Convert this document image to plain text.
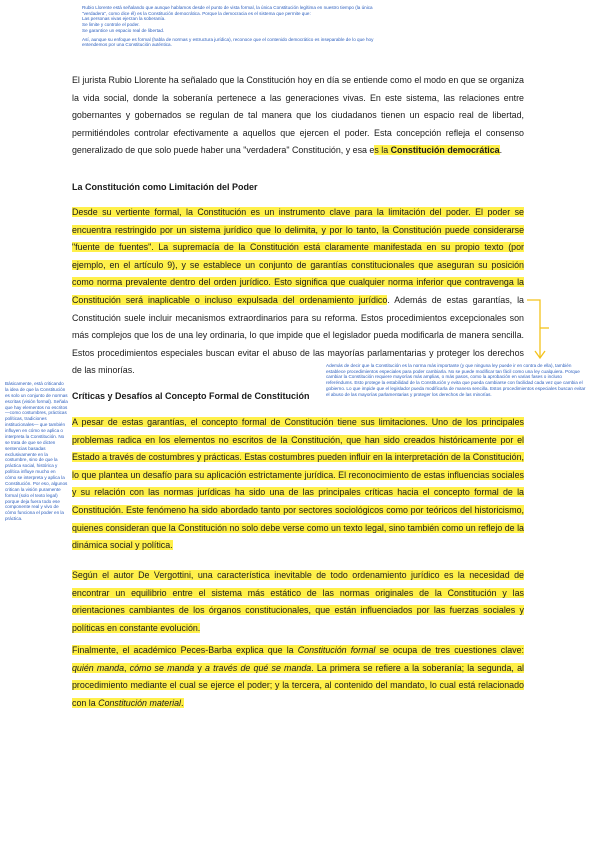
Rubio Llorente está señalando que aunque hablamos desde el punto de vista formal, la única Constitución legítima en nuestro tiempo (la única "verdadera", como dice él) es la Constitución democrática. Porque la democracia es el sistema que permite que:

Las personas vivas ejerzan la soberanía.

Se limite y controle el poder.

Se garantice un espacio real de libertad.

Así, aunque su enfoque es formal (habla de normas y estructura jurídica), reconoce que el contenido democrático es inseparable de lo que hoy entendemos por una Constitución auténtica.

El jurista Rubio Llorente ha señalado que la Constitución hoy en día se entiende como el modo en que se organiza la vida social, donde la soberanía pertenece a las generaciones vivas. En este sistema, las relaciones entre gobernantes y gobernados se regulan de tal manera que los ciudadanos tienen un espacio real de libertad, permitiéndoles controlar efectivamente a aquellos que ejercen el poder. Esta concepción refleja el consenso generalizado de que solo puede haber una "verdadera" Constitución, y esa es la Constitución democrática.

La Constitución como Limitación del Poder

Desde su vertiente formal, la Constitución es un instrumento clave para la limitación del poder. El poder se encuentra restringido por un sistema jurídico que lo delimita, y por lo tanto, la Constitución puede considerarse "fuente de fuentes". La supremacía de la Constitución está claramente manifestada en su propio texto (por ejemplo, en el artículo 9), y se establece un conjunto de garantías constitucionales que aseguran su posición como norma prevalente dentro del orden jurídico. Esto significa que cualquier norma inferior que contravenga la Constitución será inaplicable o incluso expulsada del ordenamiento jurídico. Además de estas garantías, la Constitución suele incluir mecanismos extraordinarios para su reforma. Estos procedimientos excepcionales son más complejos que los de una ley ordinaria, lo que impide que el legislador pueda modificarla de manera sencilla. Estos procedimientos especiales buscan evitar el abuso de las mayorías parlamentarias y proteger los derechos de las minorías.	Además de decir que la Constitución es la norma más importante (y que ninguna ley puede ir en contra de ella), también establece procedimientos especiales para poder cambiarla. No se puede modificar tan fácil como una ley cualquiera. Porque cambiar la Constitución requiere mayorías más amplias, o más pasos, como la aprobación en varias fases o incluso referéndums. Esto protege la estabilidad de la Constitución y evita que pueda cambiarse con facilidad cada vez que cambia el gobierno. Lo que impide que el legislador pueda modificarla de manera sencilla. Estos procedimientos especiales buscan evitar el abuso de las mayorías parlamentarias y proteger los derechos de las minorías.
Básicamente, está criticando la idea de que la Constitución es solo un conjunto de normas escritas (visión formal). Señala que hay elementos no escritos —como costumbres, prácticas políticas, tradiciones institucionales— que también influyen en cómo se aplica o interpreta la Constitución. No se trata de que se dicten sentencias basadas exclusivamente en la costumbre, sino de que la práctica social, histórica y política influye mucho en cómo se interpreta y aplica la Constitución. Por eso, algunos critican la visión puramente formal (solo el texto legal) porque deja fuera todo ese componente real y vivo de cómo funciona el poder en la práctica.
Críticas y Desafíos al Concepto Formal de Constitución

A pesar de estas garantías, el concepto formal de Constitución tiene sus limitaciones. Uno de los principales problemas radica en los elementos no escritos de la Constitución, que han sido creados históricamente por el Estado a través de costumbres y prácticas. Estas costumbres pueden influir en la interpretación de la Constitución, lo que plantea un desafío para su aplicación estrictamente jurídica. El reconocimiento de estas influencias sociales y su relación con las normas jurídicas ha sido una de las principales críticas hacia el concepto formal de la Constitución. Este fenómeno ha sido abordado tanto por sectores sociológicos como por teóricos del historicismo, quienes consideran que la Constitución no solo debe verse como un texto legal, sino también como un reflejo de la dinámica social y política.

Según el autor De Vergottini, una característica inevitable de todo ordenamiento jurídico es la necesidad de encontrar un equilibrio entre el sistema más estático de las normas originales de la Constitución y las orientaciones cambiantes de los órganos constitucionales, que están influenciados por las fuerzas sociales y políticas en constante evolución.

Finalmente, el académico Peces-Barba explica que la Constitución formal se ocupa de tres cuestiones clave: quién manda, cómo se manda y a través de qué se manda. La primera se refiere a la soberanía; la segunda, al procedimiento mediante el cual se ejerce el poder; y la tercera, al contenido del mandato, lo cual está relacionado con la Constitución material.
